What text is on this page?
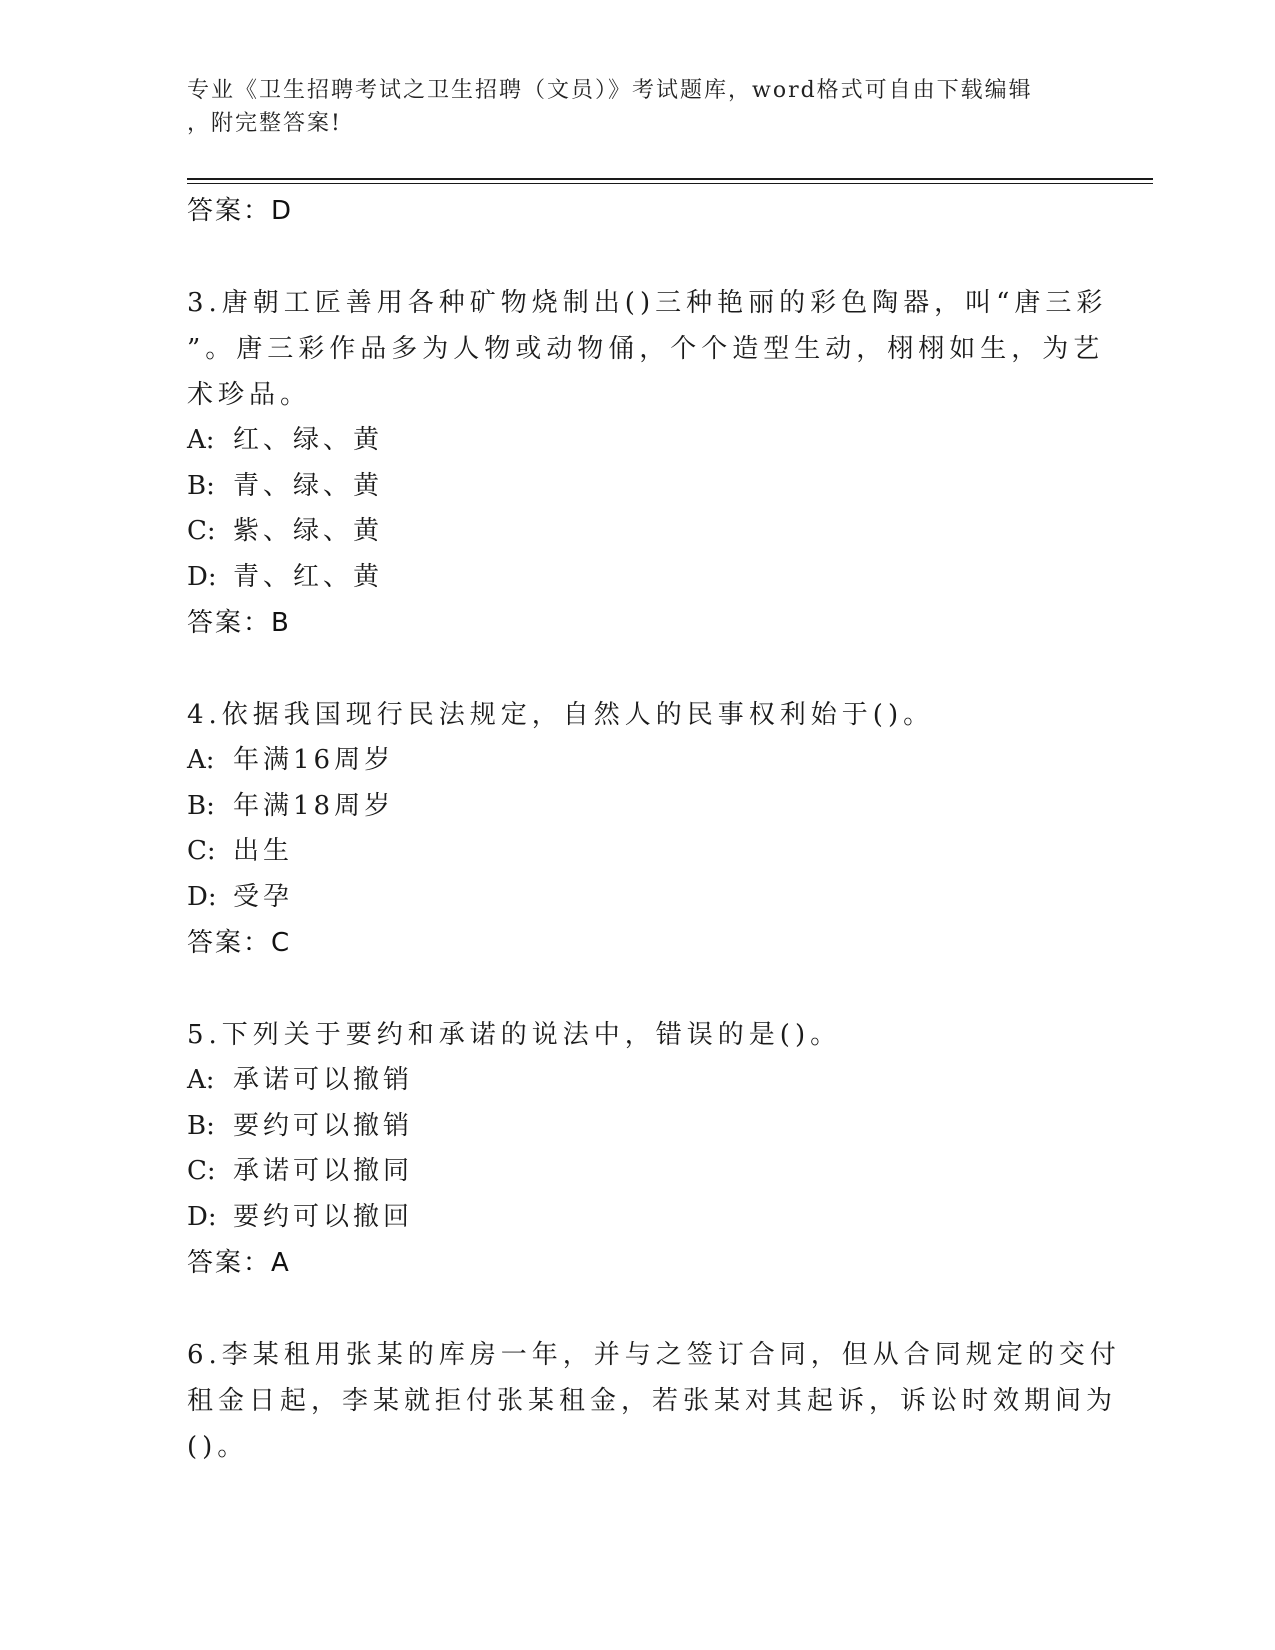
专业《卫生招聘考试之卫生招聘（文员）》考试题库，word格式可自由下载编辑
，附完整答案!
答案：D
3.唐朝工匠善用各种矿物烧制出()三种艳丽的彩色陶器，叫“唐三彩
”。唐三彩作品多为人物或动物俑，个个造型生动，栩栩如生，为艺
术珍品。
A: 红、绿、黄
B: 青、绿、黄
C: 紫、绿、黄
D: 青、红、黄
答案：B
4.依据我国现行民法规定，自然人的民事权利始于()。
A: 年满16周岁
B: 年满18周岁
C: 出生
D: 受孕
答案：C
5.下列关于要约和承诺的说法中，错误的是()。
A: 承诺可以撤销
B: 要约可以撤销
C: 承诺可以撤同
D: 要约可以撤回
答案：A
6.李某租用张某的库房一年，并与之签订合同，但从合同规定的交付
租金日起，李某就拒付张某租金，若张某对其起诉，诉讼时效期间为
()。
